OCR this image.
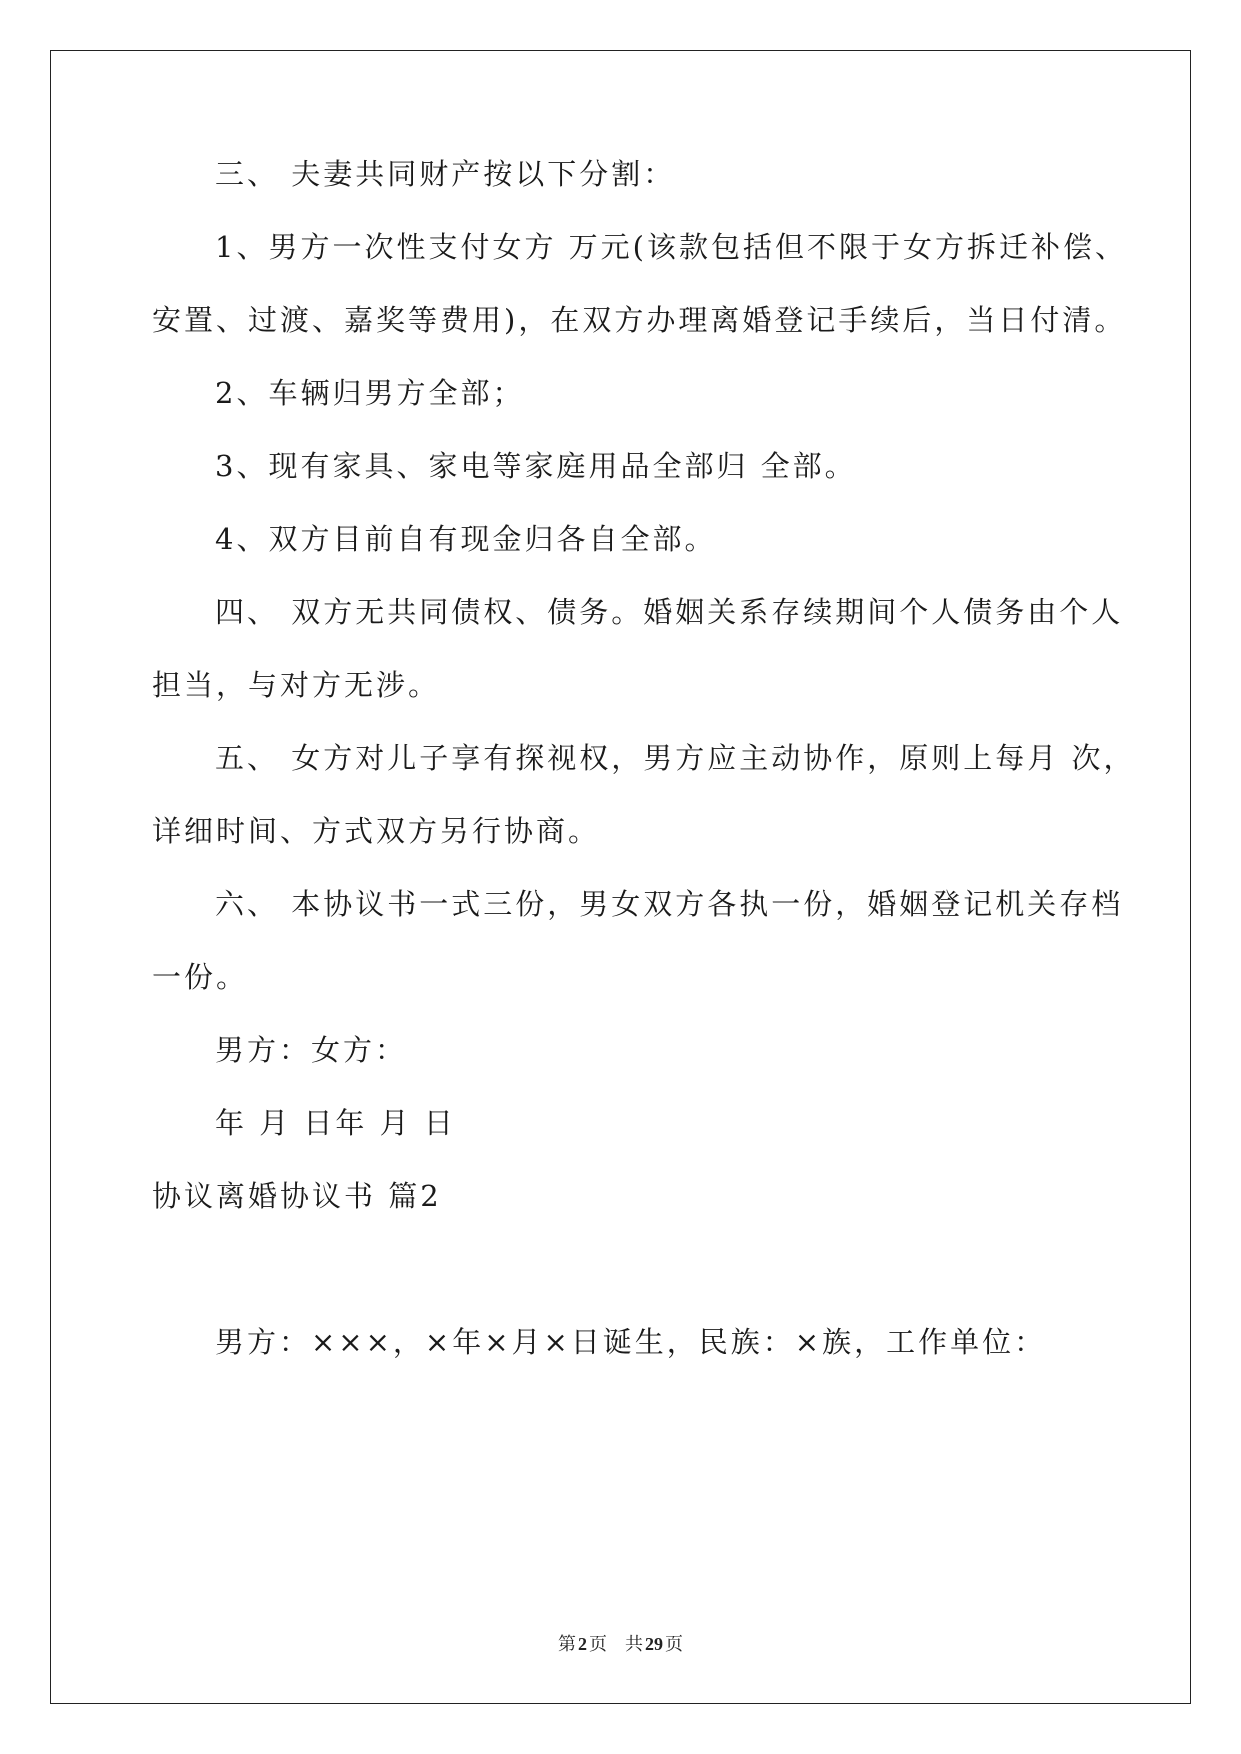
三、 夫妻共同财产按以下分割：
1、男方一次性支付女方 万元(该款包括但不限于女方拆迁补偿、
安置、过渡、嘉奖等费用)，在双方办理离婚登记手续后，当日付清。
2、车辆归男方全部；
3、现有家具、家电等家庭用品全部归 全部。
4、双方目前自有现金归各自全部。
四、 双方无共同债权、债务。婚姻关系存续期间个人债务由个人
担当，与对方无涉。
五、 女方对儿子享有探视权，男方应主动协作，原则上每月 次，
详细时间、方式双方另行协商。
六、 本协议书一式三份，男女双方各执一份，婚姻登记机关存档
一份。
男方：女方：
年 月 日年 月 日
协议离婚协议书 篇2
男方：×××，×年×月×日诞生，民族：×族，工作单位：
第 2 页 共 29 页
